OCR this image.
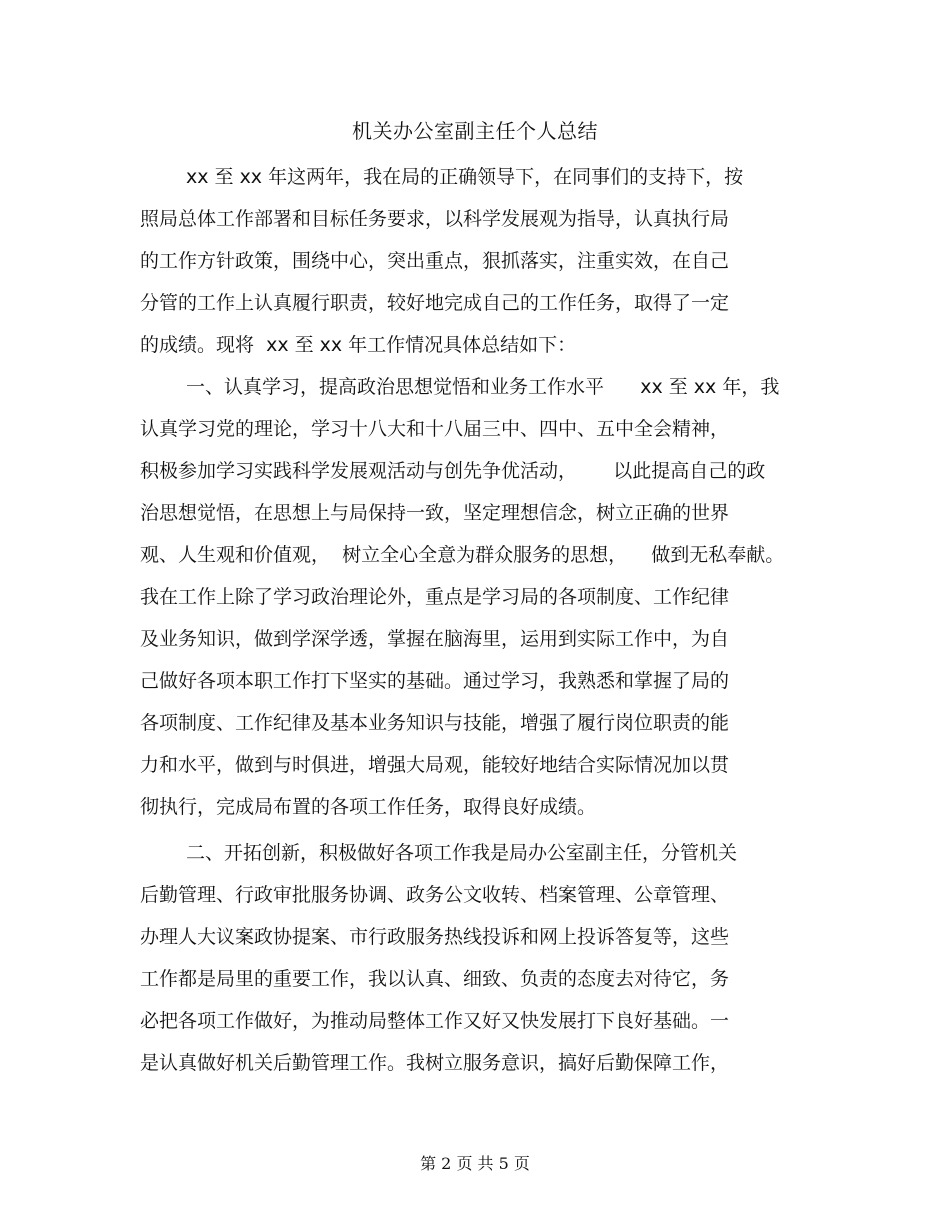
机关办公室副主任个人总结
xx 至 xx 年这两年，我在局的正确领导下，在同事们的支持下，按
照局总体工作部署和目标任务要求，以科学发展观为指导，认真执行局
的工作方针政策，围绕中心，突出重点，狠抓落实，注重实效，在自己
分管的工作上认真履行职责，较好地完成自己的工作任务，取得了一定
的成绩。现将  xx 至 xx 年工作情况具体总结如下：
一、认真学习，提高政治思想觉悟和业务工作水平      xx 至 xx 年，我
认真学习党的理论，学习十八大和十八届三中、四中、五中全会精神，
积极参加学习实践科学发展观活动与创先争优活动，      以此提高自己的政
治思想觉悟，在思想上与局保持一致，坚定理想信念，树立正确的世界
观、人生观和价值观，  树立全心全意为群众服务的思想，    做到无私奉献。
我在工作上除了学习政治理论外，重点是学习局的各项制度、工作纪律
及业务知识，做到学深学透，掌握在脑海里，运用到实际工作中，为自
己做好各项本职工作打下坚实的基础。通过学习，我熟悉和掌握了局的
各项制度、工作纪律及基本业务知识与技能，增强了履行岗位职责的能
力和水平，做到与时俱进，增强大局观，能较好地结合实际情况加以贯
彻执行，完成局布置的各项工作任务，取得良好成绩。
二、开拓创新，积极做好各项工作我是局办公室副主任，分管机关
后勤管理、行政审批服务协调、政务公文收转、档案管理、公章管理、
办理人大议案政协提案、市行政服务热线投诉和网上投诉答复等，这些
工作都是局里的重要工作，我以认真、细致、负责的态度去对待它，务
必把各项工作做好，为推动局整体工作又好又快发展打下良好基础。一
是认真做好机关后勤管理工作。我树立服务意识，搞好后勤保障工作，
第 2 页 共 5 页
